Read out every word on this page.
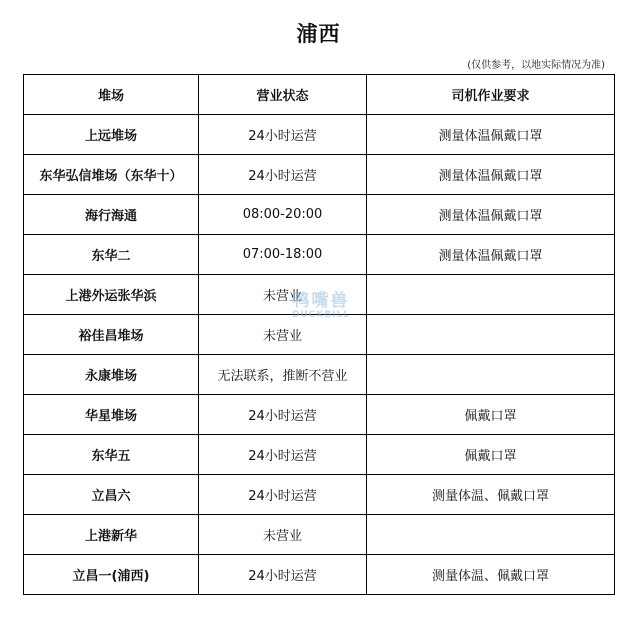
浦西
(仅供参考，以地实际情况为准)
堆场	营业状态	司机作业要求
上远堆场	24小时运营	测量体温佩戴口罩
东华弘信堆场（东华十）	24小时运营	测量体温佩戴口罩
海行海通	08:00-20:00	测量体温佩戴口罩
东华二	07:00-18:00	测量体温佩戴口罩
上港外运张华浜	未营业	
裕佳昌堆场	未营业	
永康堆场	无法联系，推断不营业	
华星堆场	24小时运营	佩戴口罩
东华五	24小时运营	佩戴口罩
立昌六	24小时运营	测量体温、佩戴口罩
上港新华	未营业	
立昌一(浦西)	24小时运营	测量体温、佩戴口罩
鸭嘴兽
DUCKBILL
